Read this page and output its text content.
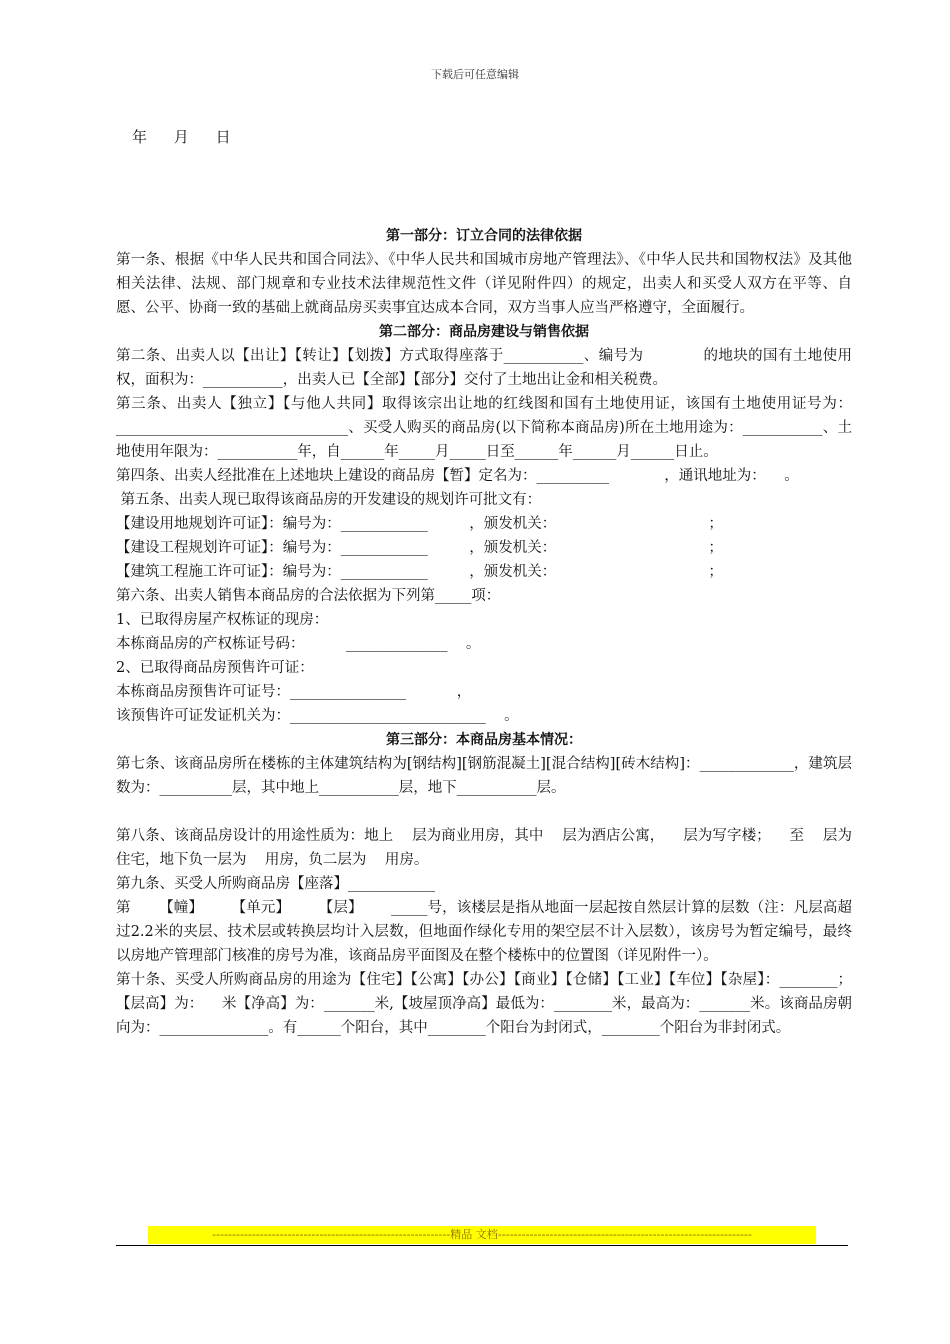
下载后可任意编辑
年 月 日

第一部分：订立合同的法律依据

第一条、根据《中华人民共和国合同法》、《中华人民共和国城市房地产管理法》、《中华人民共和国物权法》及其他相关法律、法规、部门规章和专业技术法律规范性文件（详见附件四）的规定，出卖人和买受人双方在平等、自愿、公平、协商一致的基础上就商品房买卖事宜达成本合同，双方当事人应当严格遵守，全面履行。

第二部分：商品房建设与销售依据

第二条、出卖人以【出让】【转让】【划拨】方式取得座落于___________、编号为            的地块的国有土地使用权，面积为：___________，出卖人已【全部】【部分】交付了土地出让金和相关税费。

第三条、出卖人【独立】【与他人共同】取得该宗出让地的红线图和国有土地使用证，该国有土地使用证号为：________________________________、买受人购买的商品房(以下简称本商品房)所在土地用途为：___________、土地使用年限为：___________年，自______年_____月_____日至______年______月______日止。

第四条、出卖人经批准在上述地块上建设的商品房【暂】定名为：__________            ，通讯地址为：    。

第五条、出卖人现已取得该商品房的开发建设的规划许可批文有：

【建设用地规划许可证】：编号为：____________         ，颁发机关：                                 ；

【建设工程规划许可证】：编号为：____________         ，颁发机关：                                 ；

【建筑工程施工许可证】：编号为：____________         ，颁发机关：                                 ；

第六条、出卖人销售本商品房的合法依据为下列第_____项：

1、已取得房屋产权栋证的现房：

本栋商品房的产权栋证号码：         ______________    。

2、已取得商品房预售许可证：

本栋商品房预售许可证号：________________           ，

该预售许可证发证机关为：___________________________    。

第三部分：本商品房基本情况：

第七条、该商品房所在楼栋的主体建筑结构为[钢结构][钢筋混凝土][混合结构][砖木结构]：_____________，建筑层数为：__________层，其中地上___________层，地下___________层。

第八条、该商品房设计的用途性质为：地上    层为商业用房，其中    层为酒店公寓，    层为写字楼；    至    层为住宅，地下负一层为    用房，负二层为    用房。

第九条、买受人所购商品房【座落】____________

第      【幢】      【单元】      【层】      _____号，该楼层是指从地面一层起按自然层计算的层数（注：凡层高超过2.2米的夹层、技术层或转换层均计入层数，但地面作绿化专用的架空层不计入层数），该房号为暂定编号，最终以房地产管理部门核准的房号为准，该商品房平面图及在整个楼栋中的位置图（详见附件一）。

第十条、买受人所购商品房的用途为【住宅】【公寓】【办公】【商业】【仓储】【工业】【车位】【杂屋】：________；【层高】为：    米【净高】为：_______米,【坡屋顶净高】最低为：________米，最高为：_______米。该商品房朝向为：_______________。有______个阳台，其中________个阳台为封闭式，________个阳台为非封闭式。

------------------------------------------------------------精品 文档----------------------------------------------------------------
